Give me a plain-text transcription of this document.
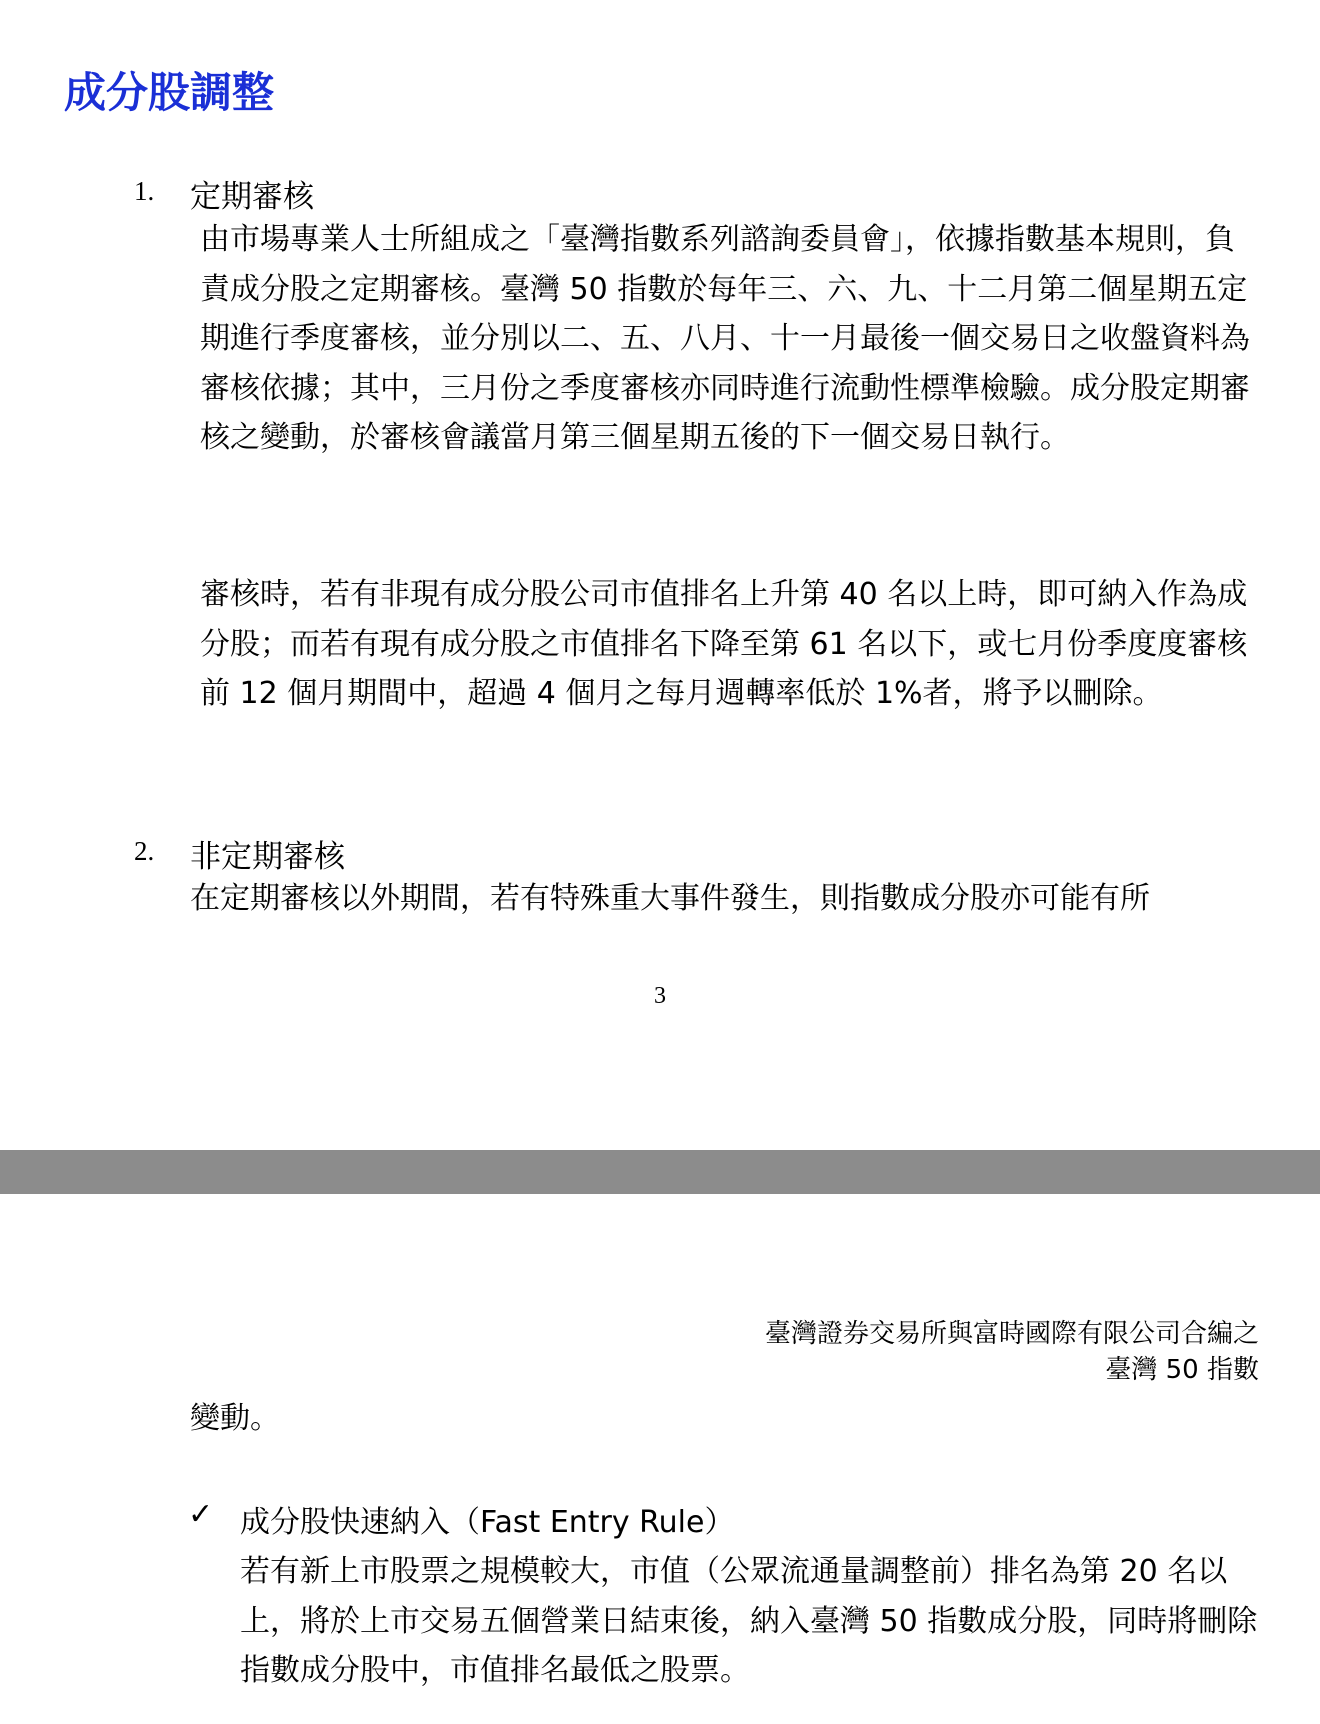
成分股調整
1. 定期審核
由市場專業人士所組成之「臺灣指數系列諮詢委員會」，依據指數基本規則，負責成分股之定期審核。臺灣 50 指數於每年三、六、九、十二月第二個星期五定期進行季度審核，並分別以二、五、八月、十一月最後一個交易日之收盤資料為審核依據；其中，三月份之季度審核亦同時進行流動性標準檢驗。成分股定期審核之變動，於審核會議當月第三個星期五後的下一個交易日執行。
審核時，若有非現有成分股公司市值排名上升第 40 名以上時，即可納入作為成分股；而若有現有成分股之市值排名下降至第 61 名以下，或七月份季度度審核前 12 個月期間中，超過 4 個月之每月週轉率低於 1%者，將予以刪除。
2. 非定期審核
在定期審核以外期間，若有特殊重大事件發生，則指數成分股亦可能有所
3
臺灣證券交易所與富時國際有限公司合編之
臺灣 50 指數
變動。
✓ 成分股快速納入（Fast Entry Rule）
若有新上市股票之規模較大，市值（公眾流通量調整前）排名為第 20 名以上，將於上市交易五個營業日結束後，納入臺灣 50 指數成分股，同時將刪除指數成分股中，市值排名最低之股票。
